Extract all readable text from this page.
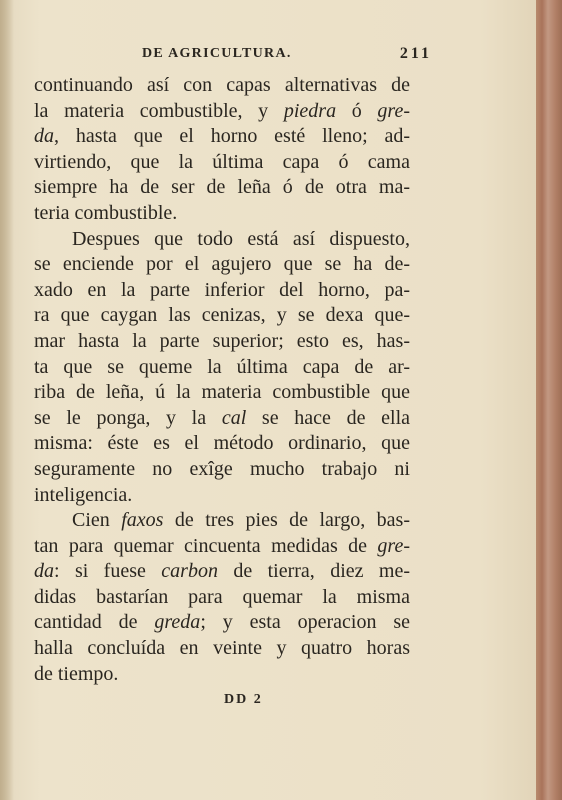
DE AGRICULTURA.	211
continuando así con capas alternativas de
la materia combustible, y piedra ó gre-
da, hasta que el horno esté lleno; ad-
virtiendo, que la última capa ó cama
siempre ha de ser de leña ó de otra ma-
teria combustible.
Despues que todo está así dispuesto,
se enciende por el agujero que se ha de-
xado en la parte inferior del horno, pa-
ra que caygan las cenizas, y se dexa que-
mar hasta la parte superior; esto es, has-
ta que se queme la última capa de ar-
riba de leña, ú la materia combustible que
se le ponga, y la cal se hace de ella
misma: éste es el método ordinario, que
seguramente no exîge mucho trabajo ni
inteligencia.
Cien faxos de tres pies de largo, bas-
tan para quemar cincuenta medidas de gre-
da: si fuese carbon de tierra, diez me-
didas bastarían para quemar la misma
cantidad de greda; y esta operacion se
halla concluída en veinte y quatro horas
de tiempo.
DD 2
